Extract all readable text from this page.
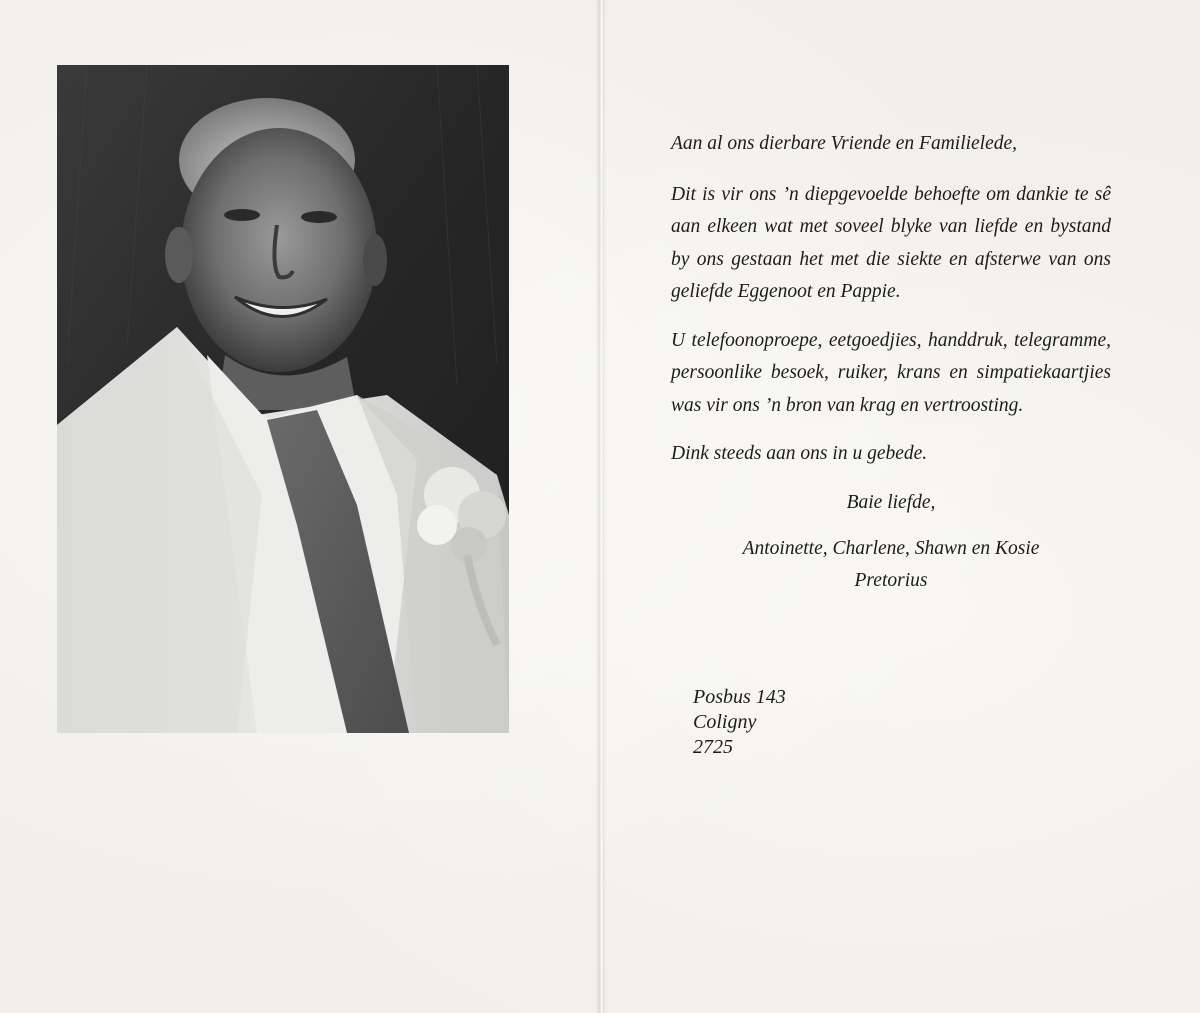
Aan al ons dierbare Vriende en Familielede,

Dit is vir ons ’n diepgevoelde behoefte om dankie te sê aan elkeen wat met soveel blyke van liefde en bystand by ons gestaan het met die siekte en afsterwe van ons geliefde Eggenoot en Pappie.

U telefoonoproepe, eetgoedjies, handdruk, telegramme, persoonlike besoek, ruiker, krans en simpatiekaartjies was vir ons ’n bron van krag en vertroosting.

Dink steeds aan ons in u gebede.

Baie liefde,

Antoinette, Charlene, Shawn en Kosie

Pretorius

Posbus 143
Coligny
2725
